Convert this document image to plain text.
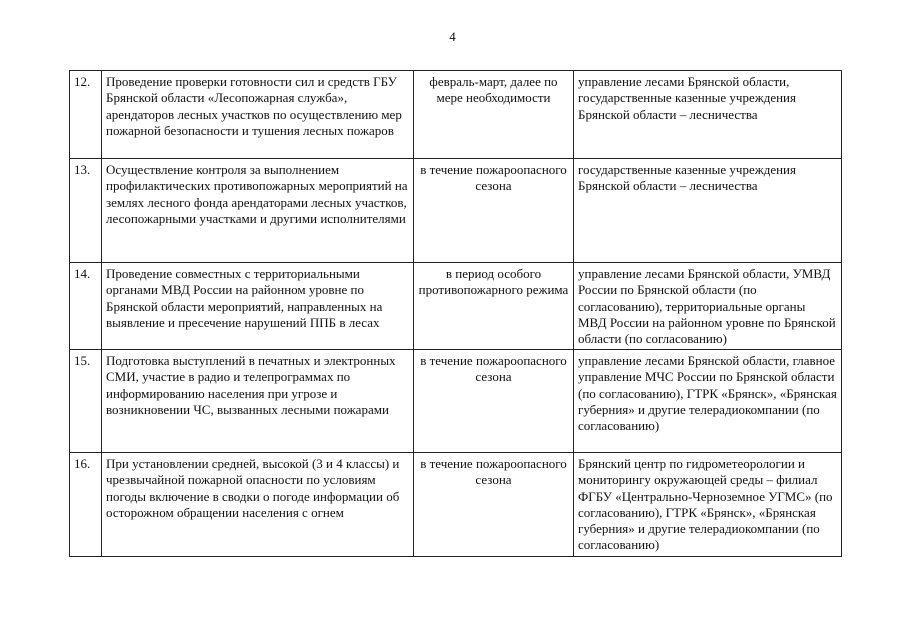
4
12.	Проведение проверки готовности сил и средств ГБУ Брянской области «Лесопожарная служба», арендаторов лесных участков по осуществлению мер пожарной безопасности и тушения лесных пожаров	февраль-март, далее по мере необходимости	управление лесами Брянской области, государственные казенные учреждения Брянской области – лесничества
13.	Осуществление контроля за выполнением профилактических противопожарных мероприятий на землях лесного фонда арендаторами лесных участков, лесопожарными участками и другими исполнителями	в течение пожароопасного сезона	государственные казенные учреждения Брянской области – лесничества
14.	Проведение совместных с территориальными органами МВД России на районном уровне по Брянской области мероприятий, направленных на выявление и пресечение нарушений ППБ в лесах	в период особого противопожарного режима	управление лесами Брянской области, УМВД России по Брянской области (по согласованию), территориальные органы МВД России на районном уровне по Брянской области (по согласованию)
15.	Подготовка выступлений в печатных и электронных СМИ, участие в радио и телепрограммах по информированию населения при угрозе и возникновении ЧС, вызванных лесными пожарами	в течение пожароопасного сезона	управление лесами Брянской области, главное управление МЧС России по Брянской области (по согласованию), ГТРК «Брянск», «Брянская губерния» и другие телерадиокомпании (по согласованию)
16.	При установлении средней, высокой (3 и 4 классы) и чрезвычайной пожарной опасности по условиям погоды включение в сводки о погоде информации об осторожном обращении населения с огнем	в течение пожароопасного сезона	Брянский центр по гидрометеорологии и мониторингу окружающей среды – филиал ФГБУ «Центрально-Черноземное УГМС» (по согласованию), ГТРК «Брянск», «Брянская губерния» и другие телерадиокомпании (по согласованию)
